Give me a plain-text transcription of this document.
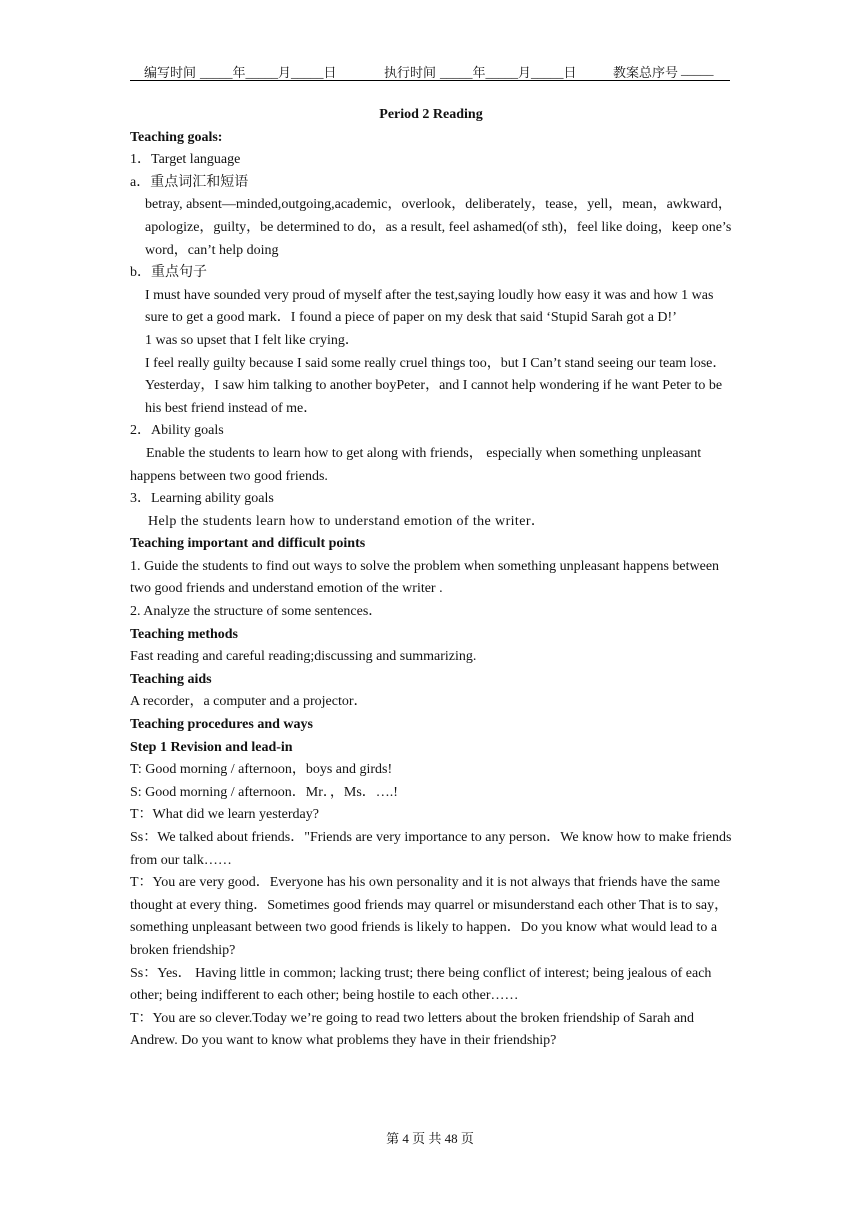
编写时间 _____年_____月_____日	执行时间 _____年_____月_____日	教案总序号 _____
Period 2 Reading
Teaching goals:
1．Target language
a．重点词汇和短语
betray, absent—minded,outgoing,academic，overlook，deliberately，tease，yell，mean，awkward，apologize，guilty，be determined to do，as a result, feel ashamed(of sth)，feel like doing，keep one’s word，can’t help doing
b．重点句子
I must have sounded very proud of myself after the test,saying loudly how easy it was and how 1 was sure to get a good mark．I found a piece of paper on my desk that said ‘Stupid Sarah got a D!’
1 was so upset that I felt like crying．
I feel really guilty because I said some really cruel things too，but I Can’t stand seeing our team lose．
Yesterday，I saw him talking to another boyPeter，and I cannot help wondering if he want Peter to be his best friend instead of me．
2．Ability goals
Enable the students to learn how to get along with friends， especially when something unpleasant happens between two good friends.
3．Learning ability goals
Help the students learn how to understand emotion of the writer．
Teaching important and difficult points
1. Guide the students to find out ways to solve the problem when something unpleasant happens between two good friends and understand emotion of the writer .
2. Analyze the structure of some sentences．
Teaching methods
Fast reading and careful reading;discussing and summarizing.
Teaching aids
A recorder，a computer and a projector．
Teaching procedures and ways
Step 1 Revision and lead-in
T: Good morning / afternoon，boys and girds!
S: Good morning / afternoon．Mr．，Ms．….!
T：What did we learn yesterday?
Ss：We talked about friends．"Friends are very importance to any person．We know how to make friends from our talk……
T：You are very good．Everyone has his own personality and it is not always that friends have the same thought at every thing．Sometimes good friends may quarrel or misunderstand each other That is to say，something unpleasant between two good friends is likely to happen．Do you know what would lead to a broken friendship?
Ss：Yes． Having little in common; lacking trust; there being conflict of interest; being jealous of each other; being indifferent to each other; being hostile to each other……
T：You are so clever.Today we’re going to read two letters about the broken friendship of Sarah and Andrew. Do you want to know what problems they have in their friendship?
第 4 页 共 48 页
